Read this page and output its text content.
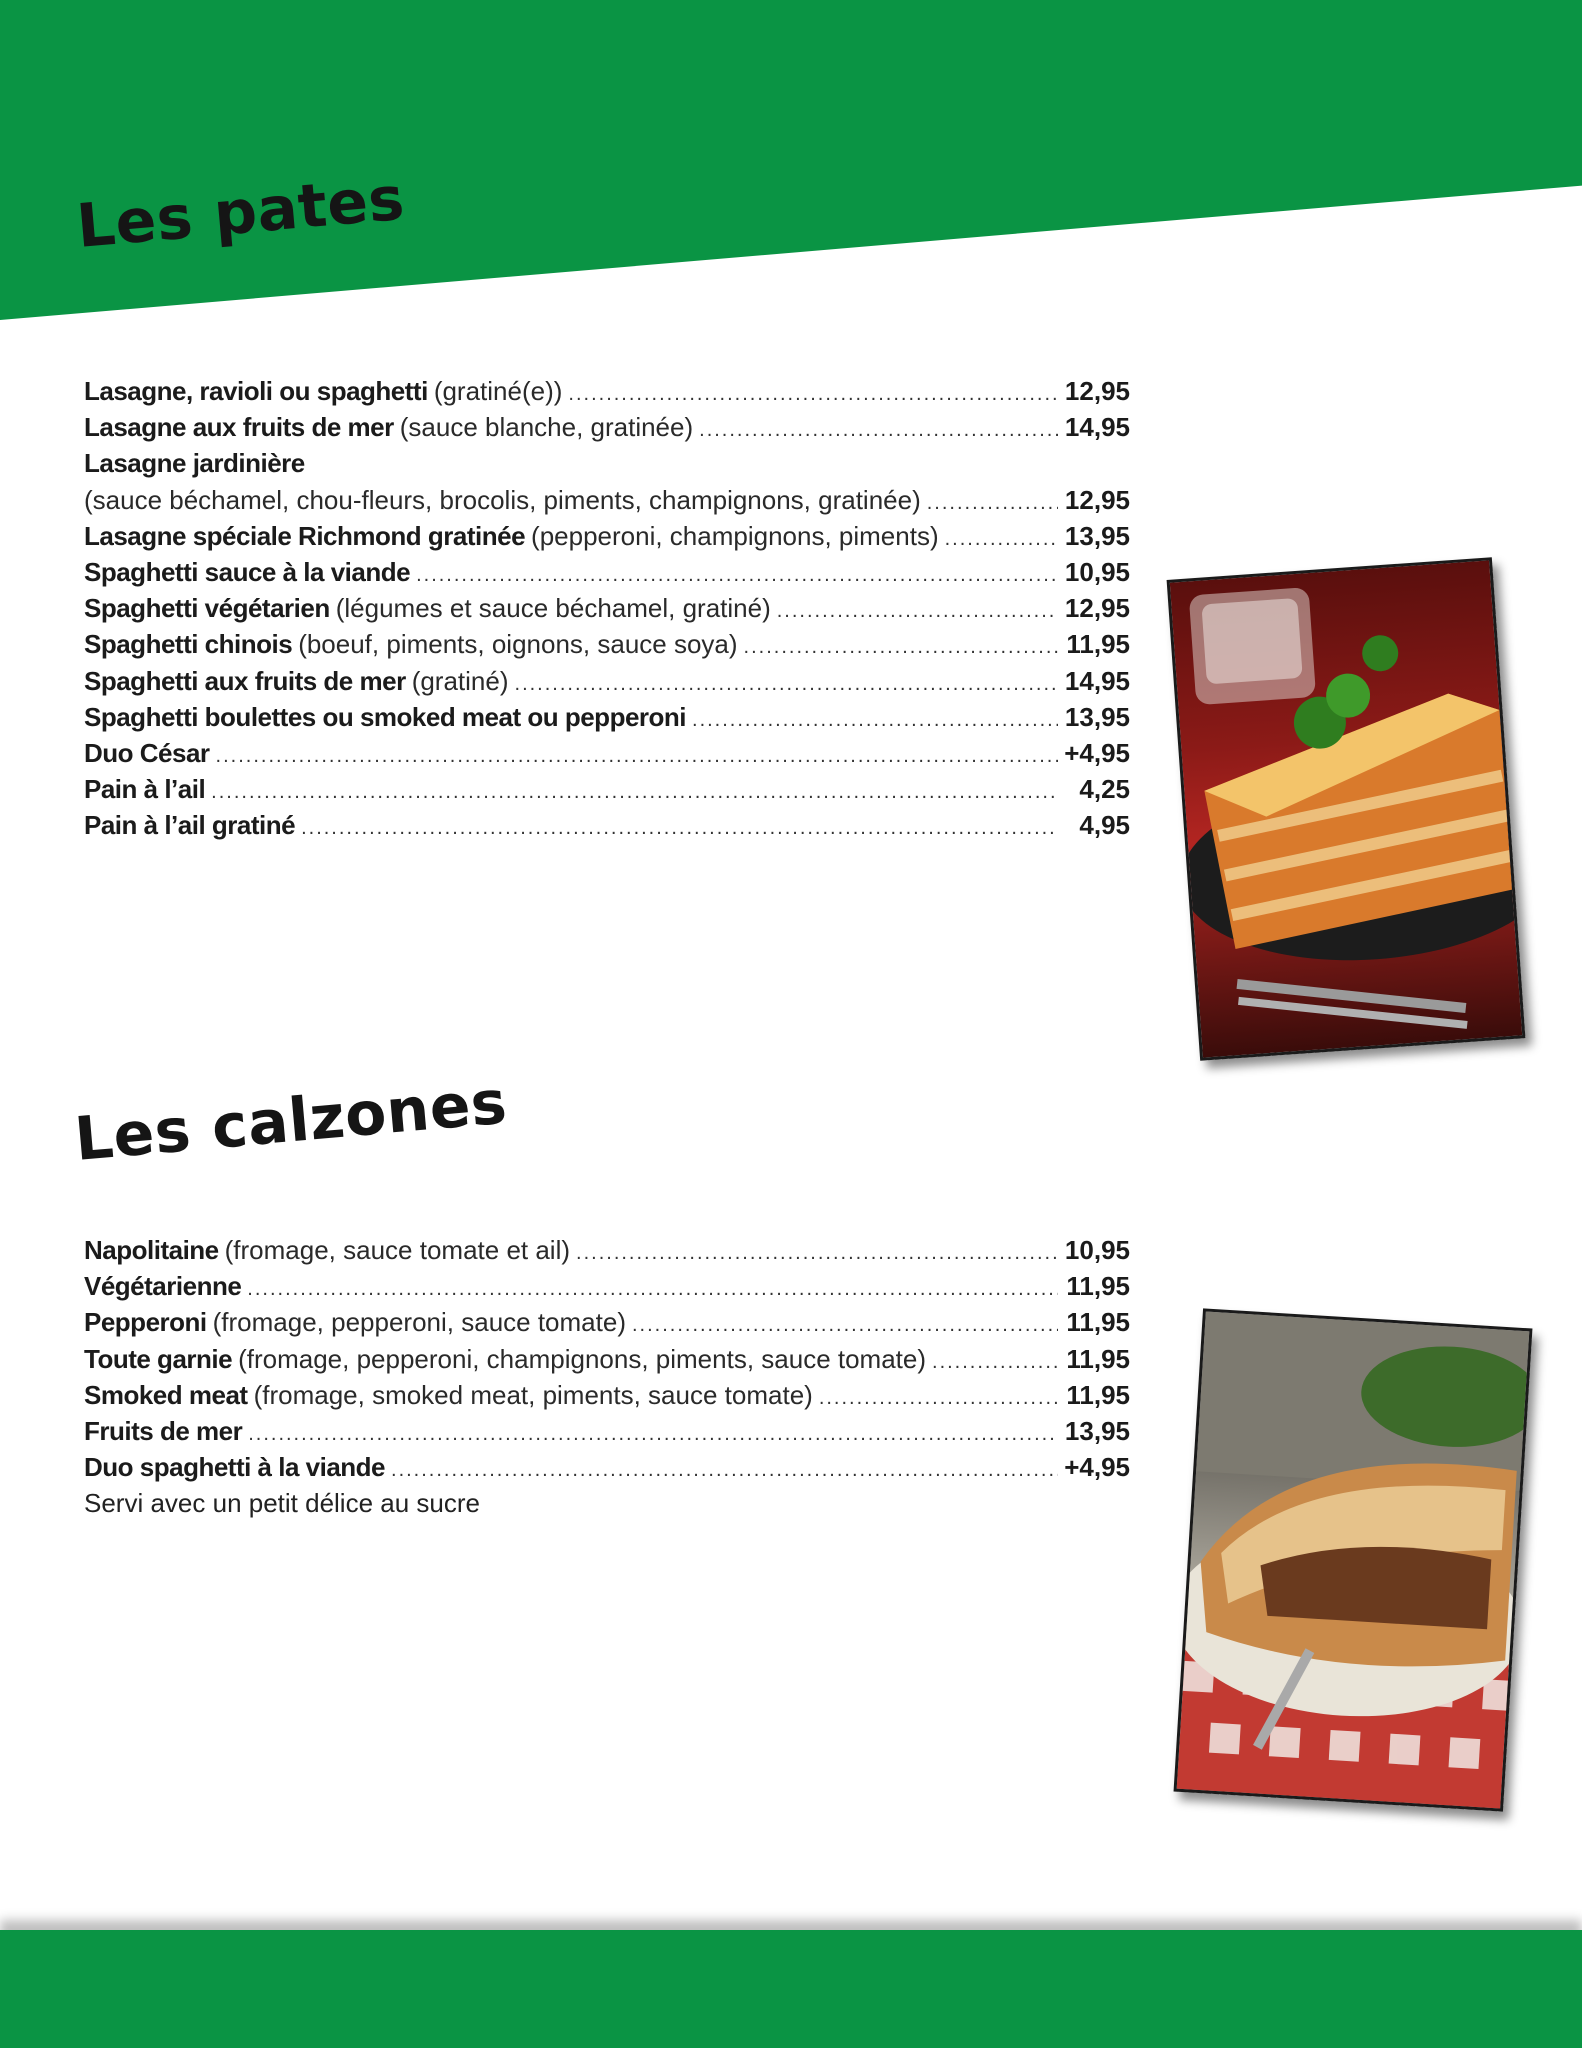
Les pates
Lasagne, ravioli ou spaghetti (gratiné(e)) .....	12,95
Lasagne aux fruits de mer (sauce blanche, gratinée) .....	14,95
Lasagne jardinière
(sauce béchamel, chou-fleurs, brocolis, piments, champignons, gratinée) .....	12,95
Lasagne spéciale Richmond gratinée (pepperoni, champignons, piments) .....	13,95
Spaghetti sauce à la viande .....	10,95
Spaghetti végétarien (légumes et sauce béchamel, gratiné) .....	12,95
Spaghetti chinois (boeuf, piments, oignons, sauce soya) .....	11,95
Spaghetti aux fruits de mer (gratiné) .....	14,95
Spaghetti boulettes ou smoked meat ou pepperoni .....	13,95
Duo César .....	+4,95
Pain à l’ail .....	4,25
Pain à l’ail gratiné .....	4,95
Les calzones
Napolitaine (fromage, sauce tomate et ail) .....	10,95
Végétarienne .....	11,95
Pepperoni (fromage, pepperoni, sauce tomate) .....	11,95
Toute garnie (fromage, pepperoni, champignons, piments, sauce tomate) .....	11,95
Smoked meat (fromage, smoked meat, piments, sauce tomate) .....	11,95
Fruits de mer .....	13,95
Duo spaghetti à la viande .....	+4,95
Servi avec un petit délice au sucre
